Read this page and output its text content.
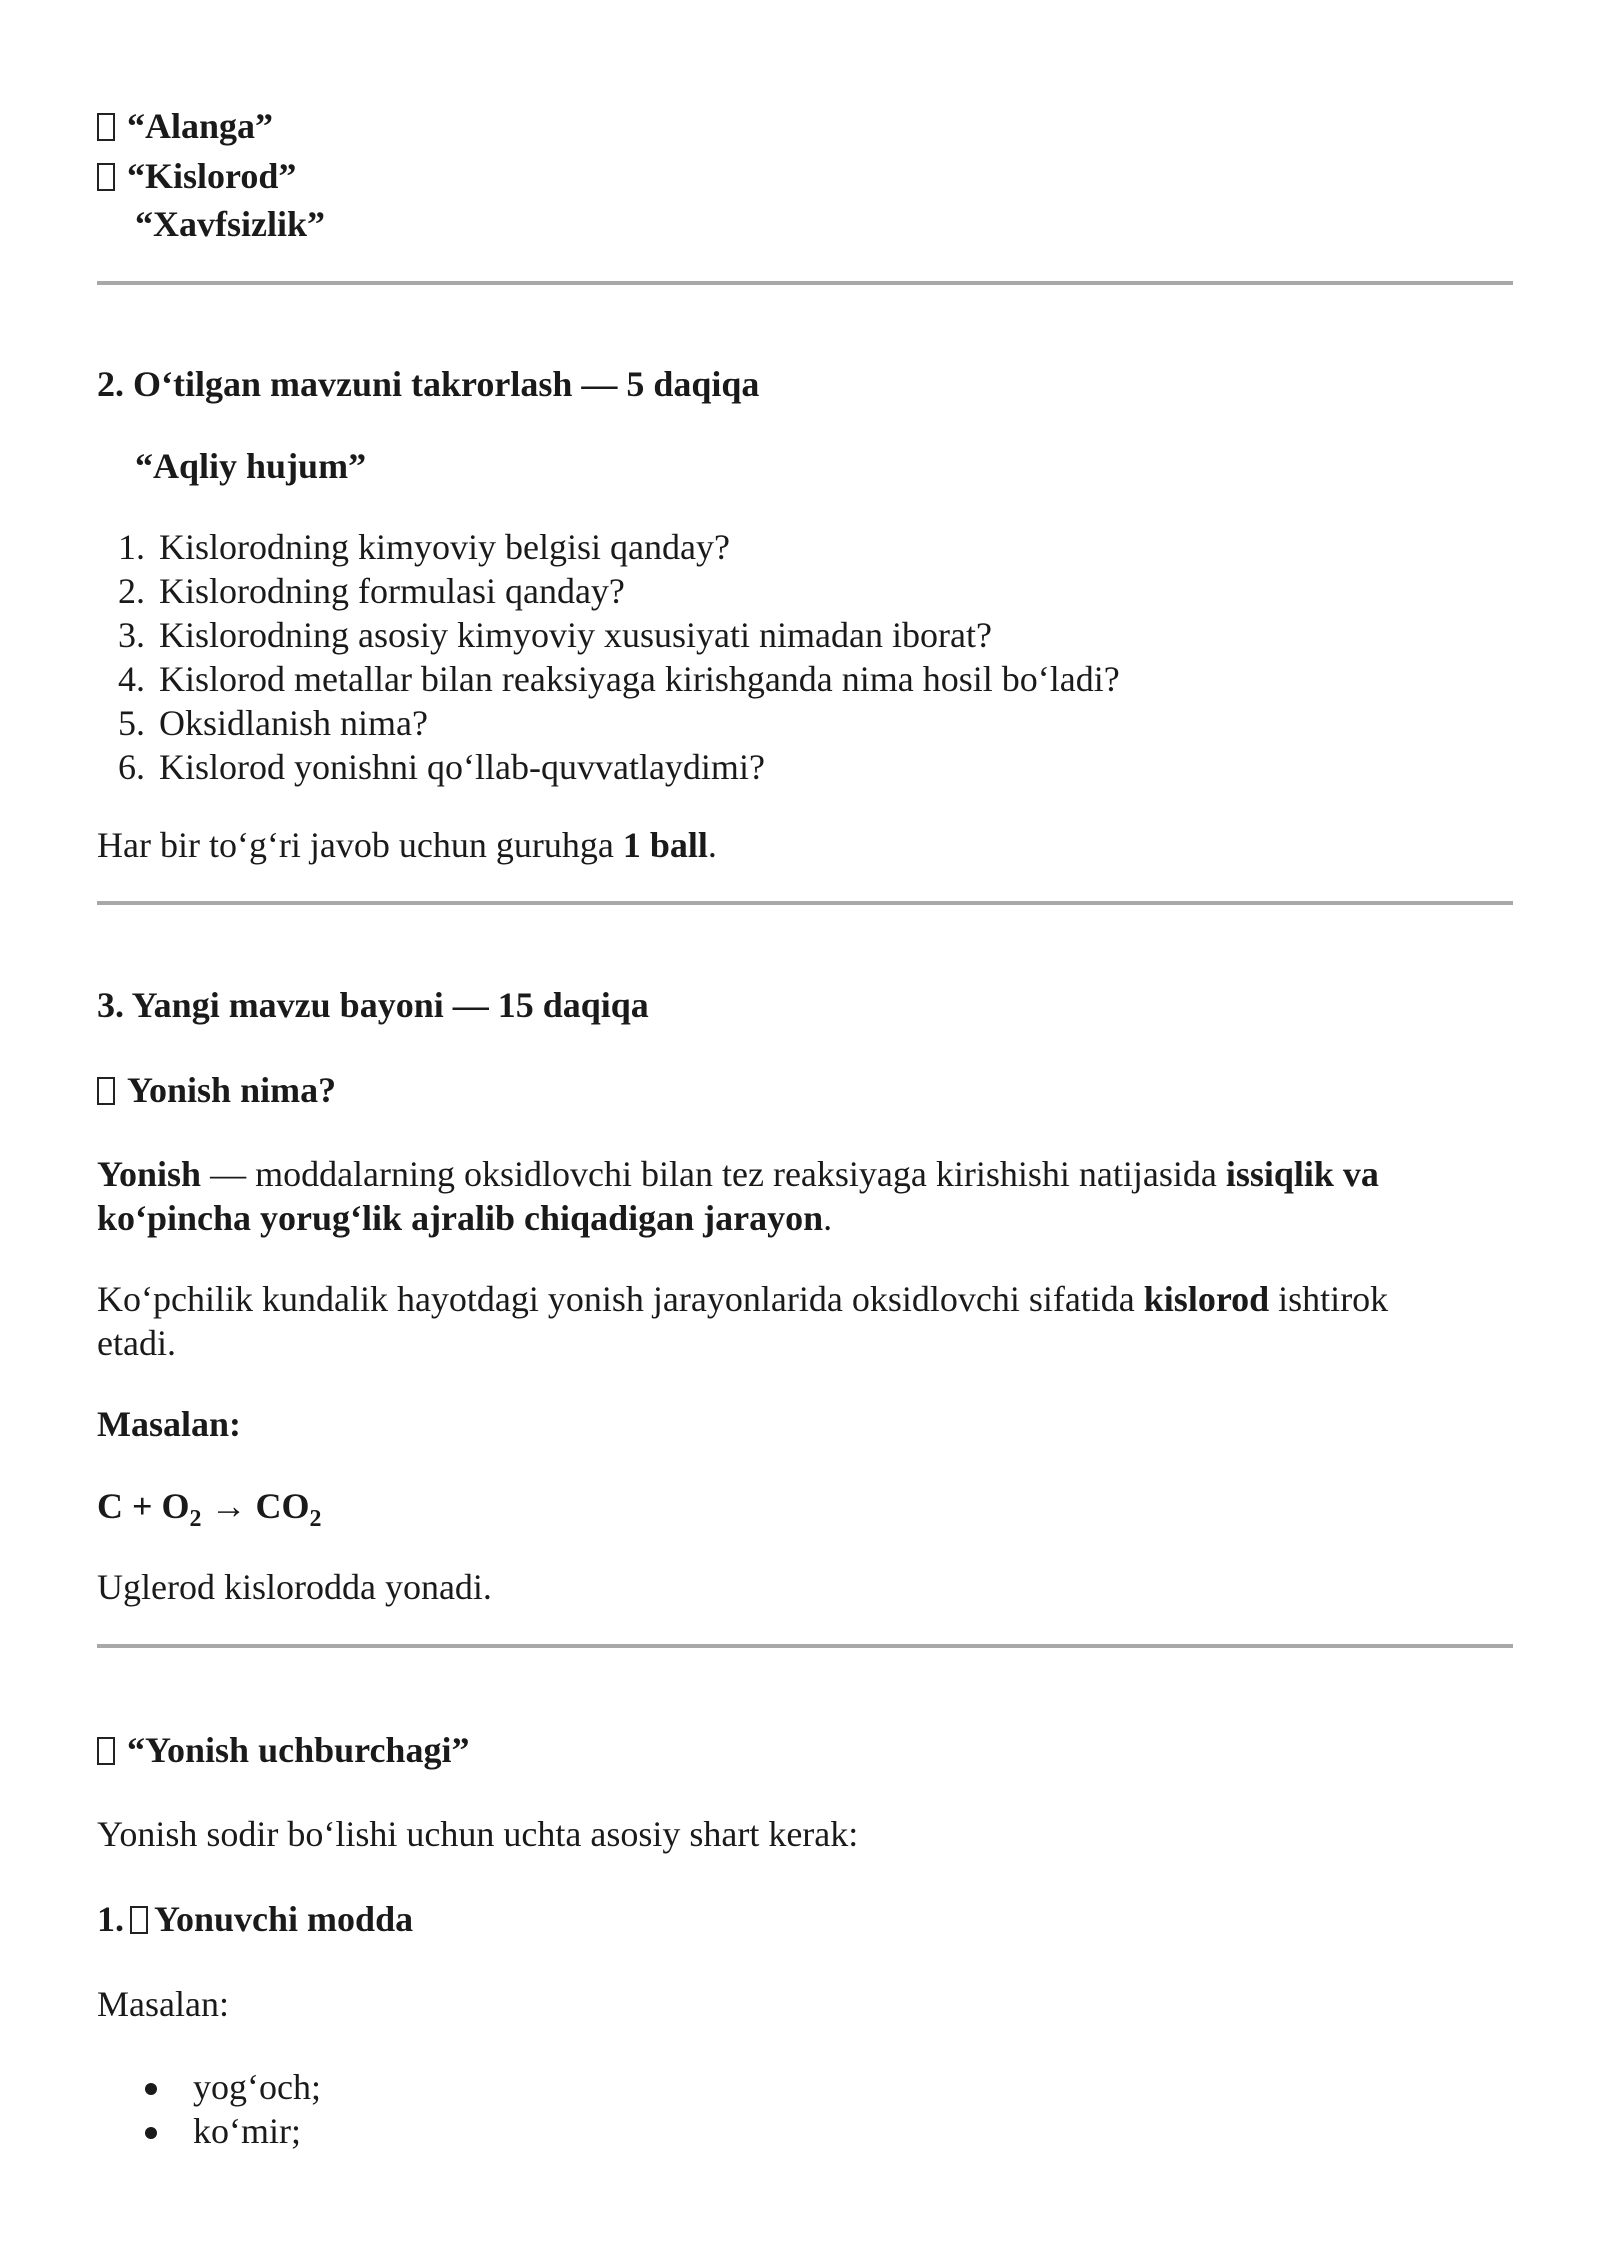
“Alanga”
“Kislorod”
“Xavfsizlik”
2. O‘tilgan mavzuni takrorlash — 5 daqiqa
“Aqliy hujum”
1. Kislorodning kimyoviy belgisi qanday?
2. Kislorodning formulasi qanday?
3. Kislorodning asosiy kimyoviy xususiyati nimadan iborat?
4. Kislorod metallar bilan reaksiyaga kirishganda nima hosil bo‘ladi?
5. Oksidlanish nima?
6. Kislorod yonishni qo‘llab-quvvatlaydimi?
Har bir to‘g‘ri javob uchun guruhga 1 ball.
3. Yangi mavzu bayoni — 15 daqiqa
Yonish nima?
Yonish — moddalarning oksidlovchi bilan tez reaksiyaga kirishishi natijasida issiqlik va
ko‘pincha yorug‘lik ajralib chiqadigan jarayon.
Ko‘pchilik kundalik hayotdagi yonish jarayonlarida oksidlovchi sifatida kislorod ishtirok
etadi.
Masalan:
$C + O_2 \to CO_2$
Uglerod kislorodda yonadi.
“Yonish uchburchagi”
Yonish sodir bo‘lishi uchun uchta asosiy shart kerak:
1. Yonuvchi modda
Masalan:
yog‘och;
ko‘mir;
